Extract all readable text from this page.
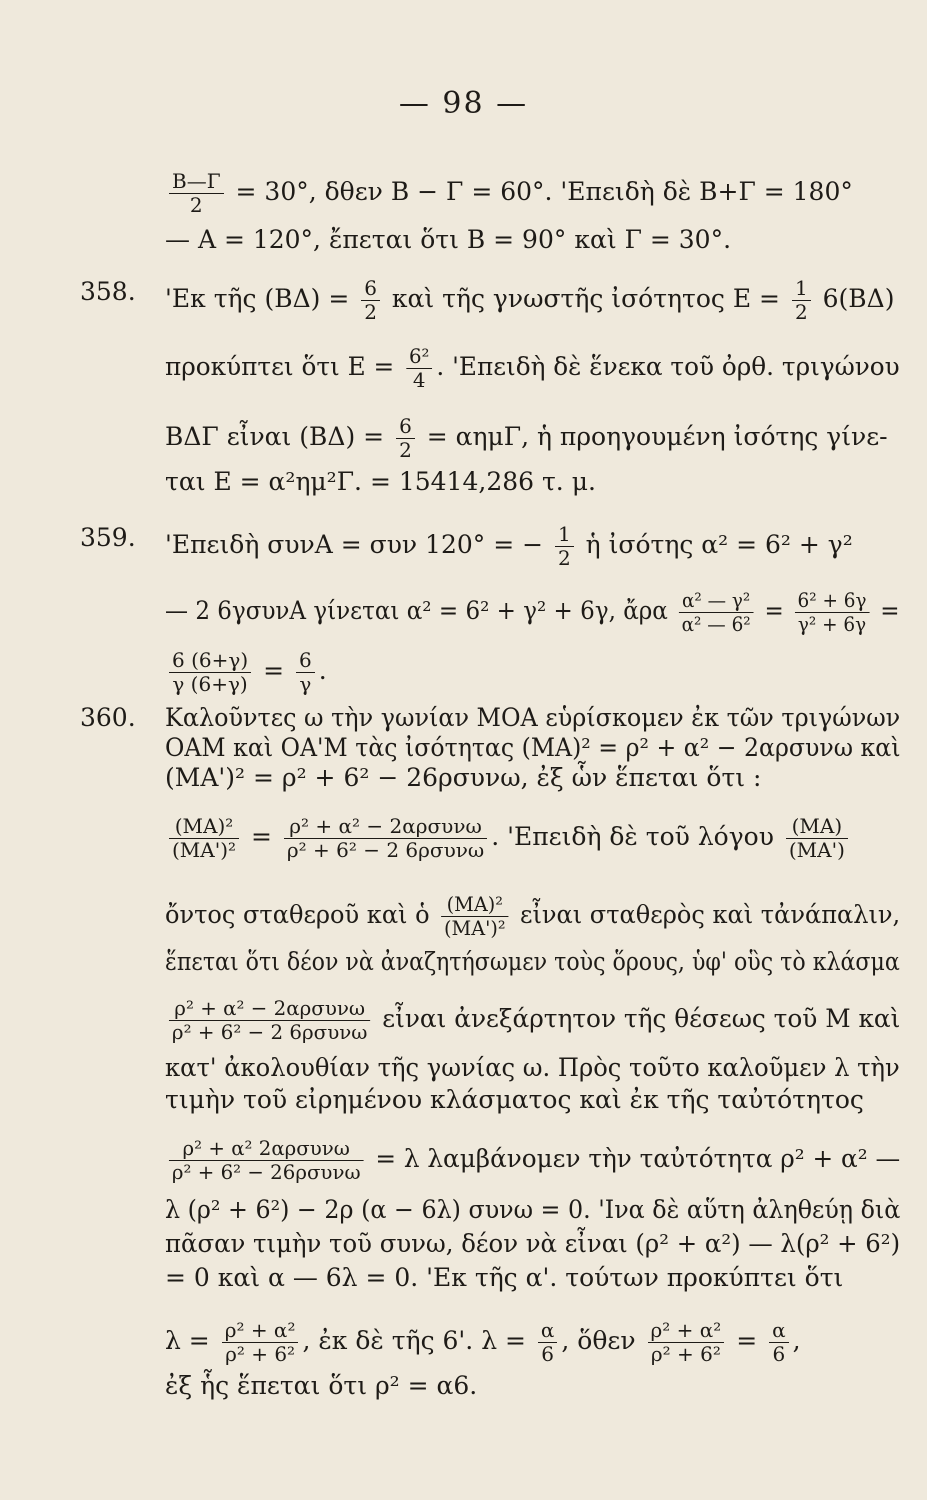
— 98 —
$\frac{B—\Gamma}{2} = 30^\circ$, δθεν Β − Γ = 60°. 'Επειδὴ δὲ Β+Γ = 180°
— Α = 120°, ἔπεται ὅτι Β = 90° καὶ Γ = 30°.
358. 'Εκ τῆς $(B\Delta) = \frac{6}{2}$ καὶ τῆς γνωστῆς ἰσότητος $E = \frac{1}{2} 6(B\Delta)$
προκύπτει ὅτι $E = \frac{\text{6²}}{4}$ . 'Επειδὴ δὲ ἕνεκα τοῦ ὀρθ. τριγώνου
ΒΔΓ εἶναι $(B\Delta) = \frac{6}{2} = \alpha\eta\mu\Gamma$, ἡ προηγουμένη ἰσότης γίνε-
ται Ε = α²ημ²Γ. = 15414,286 τ. μ.
359. 'Επειδὴ συνΑ = συν 120° = − $\frac{1}{2}$ ἡ ἰσότης α² = 6² + γ²
— 2 6γσυνΑ γίνεται α² = 6² + γ² + 6γ, ἄρα $\frac{\text{α² — γ²}}{\text{α² — 6²}} = \frac{\text{6² + 6γ}}{\text{γ² + 6γ}}$ =
$\frac{6 (6+\gamma)}{\gamma (6+\gamma)} = \frac{6}{\gamma}$ .
360. Καλοῦντες ω τὴν γωνίαν ΜΟΑ εὑρίσκομεν ἐκ τῶν τριγώνων
ΟΑΜ καὶ ΟΑ'Μ τὰς ἰσότητας (ΜΑ)² = ρ² + α² − 2αρσυνω καὶ
(ΜΑ')² = ρ² + 6² − 26ρσυνω, ἐξ ὧν ἕπεται ὅτι :
$\frac{\text{(ΜΑ)²}}{\text{(ΜΑ')²}} = \frac{\text{ρ² + α² − 2αρσυνω}}{\text{ρ² + 6² − 2 6ρσυνω}}$ . 'Επειδὴ δὲ τοῦ λόγου $\frac{(MA)}{(MA')}$
ὄντος σταθεροῦ καὶ ὁ $\frac{\text{(ΜΑ)²}}{\text{(ΜΑ')²}}$ εἶναι σταθερὸς καὶ τἀνάπαλιν,
ἕπεται ὅτι δέον νὰ ἀναζητήσωμεν τοὺς ὅρους, ὑφ' οὓς τὸ κλάσμα
$\frac{\text{ρ² + α² − 2αρσυνω}}{\text{ρ² + 6² − 2 6ρσυνω}}$ εἶναι ἀνεξάρτητον τῆς θέσεως τοῦ Μ καὶ
κατ' ἀκολουθίαν τῆς γωνίας ω. Πρὸς τοῦτο καλοῦμεν λ τὴν
τιμὴν τοῦ εἰρημένου κλάσματος καὶ ἐκ τῆς ταὐτότητος
$\frac{\text{ρ² + α² 2αρσυνω}}{\text{ρ² + 6² − 26ρσυνω}} = \lambda$ λαμβάνομεν τὴν ταὐτότητα ρ² + α² —
λ (ρ² + 6²) − 2ρ (α − 6λ) συνω = 0. 'Ινα δὲ αὕτη ἀληθεύῃ διὰ
πᾶσαν τιμὴν τοῦ συνω, δέον νὰ εἶναι (ρ² + α²) — λ(ρ² + 6²)
= 0 καὶ α — 6λ = 0. 'Εκ τῆς α'. τούτων προκύπτει ὅτι
$\lambda = \frac{\text{ρ² + α²}}{\text{ρ² + 6²}}$ , ἐκ δὲ τῆς 6'. $\lambda = \frac{\alpha}{6}$ , ὅθεν $\frac{\text{ρ² + α²}}{\text{ρ² + 6²}} = \frac{\alpha}{6}$ ,
ἐξ ἧς ἕπεται ὅτι ρ² = α6.
